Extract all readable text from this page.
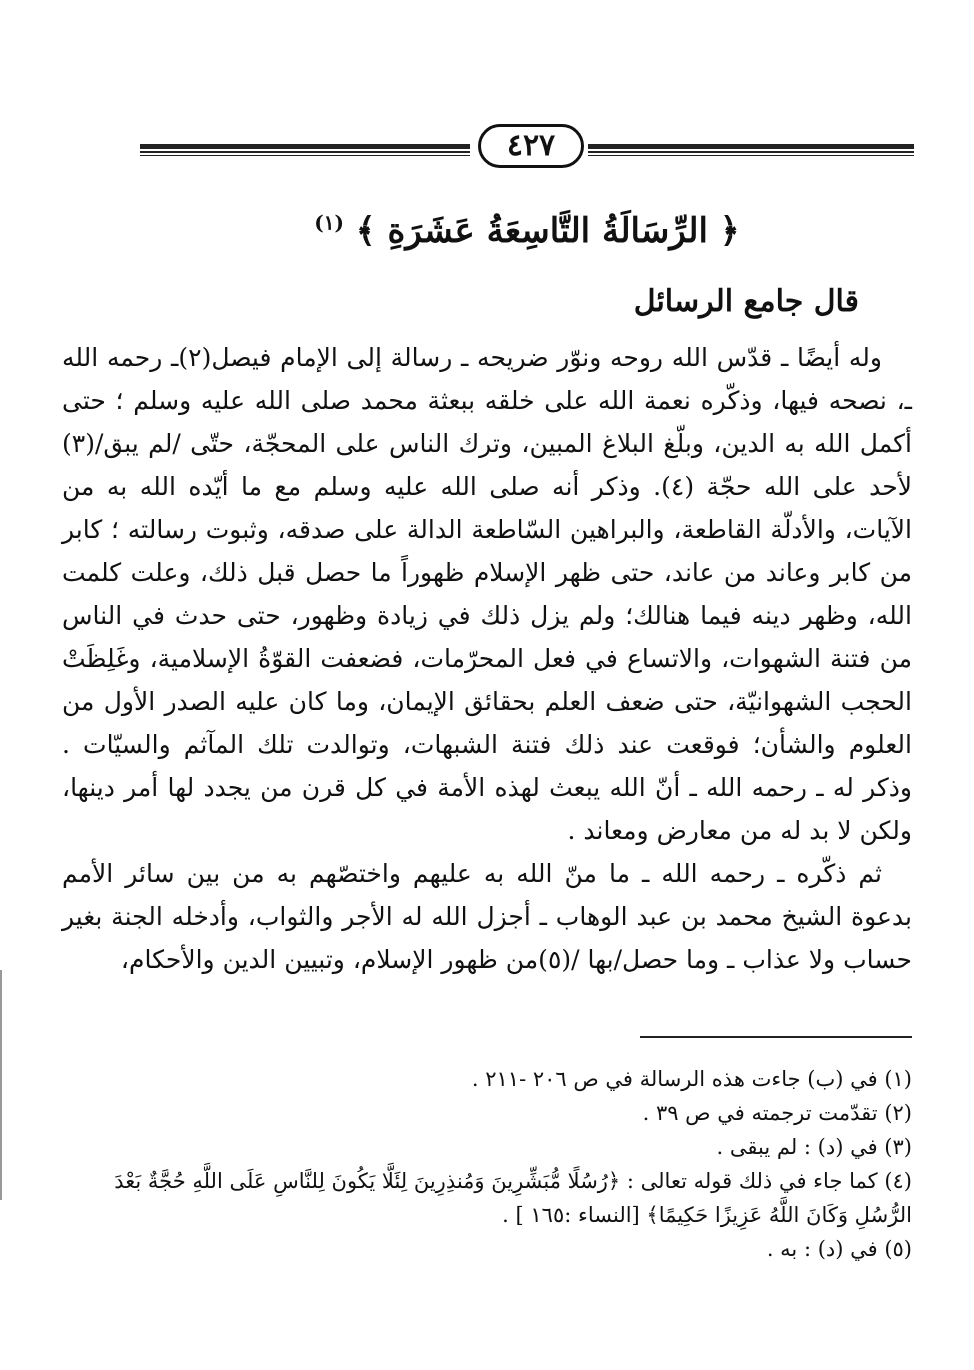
٤٢٧
﴿ الرِّسَالَةُ التَّاسِعَةُ عَشَرَةِ ﴾ $^{(١)}$
قال جامع الرسائل

وله أيضًا ـ قدّس الله روحه ونوّر ضريحه ـ رسالة إلى الإمام فيصل(٢)ـ رحمه الله ـ، نصحه فيها، وذكّره نعمة الله على خلقه ببعثة محمد صلى الله عليه وسلم ؛ حتى أكمل الله به الدين، وبلّغ البلاغ المبين، وترك الناس على المحجّة، حتّى /لم يبق/(٣) لأحد على الله حجّة (٤). وذكر أنه صلى الله عليه وسلم مع ما أيّده الله به من الآيات، والأدلّة القاطعة، والبراهين السّاطعة الدالة على صدقه، وثبوت رسالته ؛ كابر من كابر وعاند من عاند، حتى ظهر الإسلام ظهوراً ما حصل قبل ذلك، وعلت كلمت الله، وظهر دينه فيما هنالك؛ ولم يزل ذلك في زيادة وظهور، حتى حدث في الناس من فتنة الشهوات، والاتساع في فعل المحرّمات، فضعفت القوّةُ الإسلامية، وغَلِظَتْ الحجب الشهوانيّة، حتى ضعف العلم بحقائق الإيمان، وما كان عليه الصدر الأول من العلوم والشأن؛ فوقعت عند ذلك فتنة الشبهات، وتوالدت تلك المآثم والسيّات . وذكر له ـ رحمه الله ـ أنّ الله يبعث لهذه الأمة في كل قرن من يجدد لها أمر دينها، ولكن لا بد له من معارض ومعاند .

ثم ذكّره ـ رحمه الله ـ ما منّ الله به عليهم واختصّهم به من بين سائر الأمم بدعوة الشيخ محمد بن عبد الوهاب ـ أجزل الله له الأجر والثواب، وأدخله الجنة بغير حساب ولا عذاب ـ وما حصل/بها /(٥)من ظهور الإسلام، وتبيين الدين والأحكام،

(١) في (ب) جاءت هذه الرسالة في ص ٢٠٦ -٢١١ .

(٢) تقدّمت ترجمته في ص ٣٩ .

(٣) في (د) : لم يبقى .

(٤) كما جاء في ذلك قوله تعالى : ﴿رُسُلًا مُّبَشِّرِينَ وَمُنذِرِينَ لِئَلَّا يَكُونَ لِلنَّاسِ عَلَى اللَّهِ حُجَّةٌ بَعْدَ الرُّسُلِ وَكَانَ اللَّهُ عَزِيزًا حَكِيمًا﴾ [النساء :١٦٥ ] .

(٥) في (د) : به .
